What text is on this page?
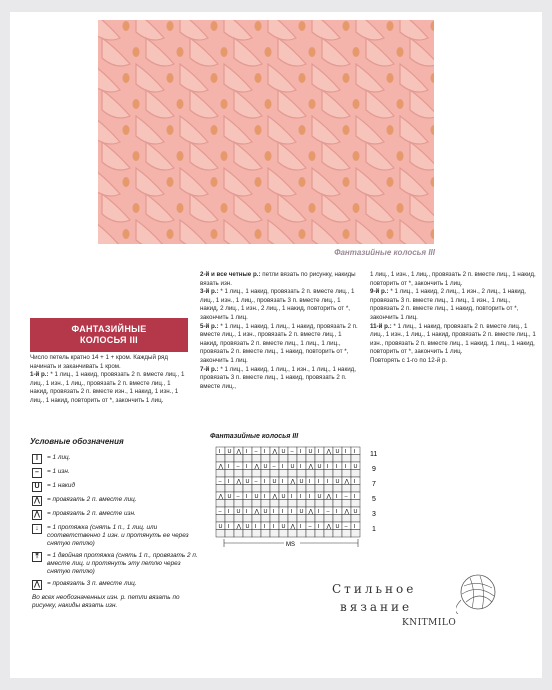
Фантазийные колосья III
ФАНТАЗИЙНЫЕ
КОЛОСЬЯ III

Число петель кратно 14 + 1 + кром. Каждый ряд начинать и заканчивать 1 кром.

1-й р.: * 1 лиц., 1 накид, провязать 2 п. вместе лиц., 1 лиц., 1 изн., 1 лиц., провязать 2 п. вместе лиц., 1 накид, провязать 2 п. вместе изн., 1 накид, 1 изн., 1 лиц., 1 накид, повторить от *, закончить 1 лиц.

2-й и все четные р.: петли вязать по рисунку, накиды вязать изн.

3-й р.: * 1 лиц., 1 накид, провязать 2 п. вместе лиц., 1 лиц., 1 изн., 1 лиц., провязать 3 п. вместе лиц., 1 накид, 2 лиц., 1 изн., 2 лиц., 1 накид, повторить от *, закончить 1 лиц.

5-й р.: * 1 лиц., 1 накид, 1 лиц., 1 накид, провязать 2 п. вместе лиц., 1 изн., провязать 2 п. вместе лиц., 1 накид, провязать 2 п. вместе лиц., 1 лиц., 1 лиц., провязать 2 п. вместе лиц., 1 накид, повторить от *, закончить 1 лиц.

7-й р.: * 1 лиц., 1 накид, 1 лиц., 1 изн., 1 лиц., 1 накид, провязать 3 п. вместе лиц., 1 накид, провязать 2 п. вместе лиц.,

1 лиц., 1 изн., 1 лиц., провязать 2 п. вместе лиц., 1 накид, повторить от *, закончить 1 лиц.

9-й р.: * 1 лиц., 1 накид, 2 лиц., 1 изн., 2 лиц., 1 накид, провязать 3 п. вместе лиц., 1 лиц., 1 изн., 1 лиц., провязать 2 п. вместе лиц., 1 накид, повторить от *, закончить 1 лиц.

11-й р.: * 1 лиц., 1 накид, провязать 2 п. вместе лиц., 1 лиц., 1 изн., 1 лиц., 1 накид, провязать 2 п. вместе лиц., 1 изн., провязать 2 п. вместе лиц., 1 накид, 1 лиц., 1 накид, повторить от *, закончить 1 лиц.

Повторять с 1-го по 12-й р.

Условные обозначения
I	= 1 лиц.
–	= 1 изн.
U	= 1 накид
⋀	= провязать 2 п. вместе лиц.
⋀	= провязать 2 п. вместе изн.
↓	= 1 протяжка (снять 1 п., 1 лиц. или соответственно 1 изн. и протянуть ее через снятую петлю)
⤒	= 1 двойная протяжка (снять 1 п., провязать 2 п. вместе лиц. и протянуть эту петлю через снятую петлю)
⋀	= провязать 3 п. вместе лиц.
Во всех необозначенных изн. р. петли вязать по рисунку, накиды вязать изн.
Фантазийные колосья III
I U ⋀ I – I ⋀ U – I U I ⋀ U I I
⋀ I – I ⋀ U – I U I ⋀ U I I I U
– I ⋀ U – I U I ⋀ U I I I U ⋀ I
⋀ U – I U I ⋀ U I I I U ⋀ I – I
– I U I ⋀ U I I I U ⋀ I – I ⋀ U
U I ⋀ U I I I U ⋀ I – I ⋀ U – I
11
9
7
5
3
1
MS
Стильное
вязание
KNITMILO
